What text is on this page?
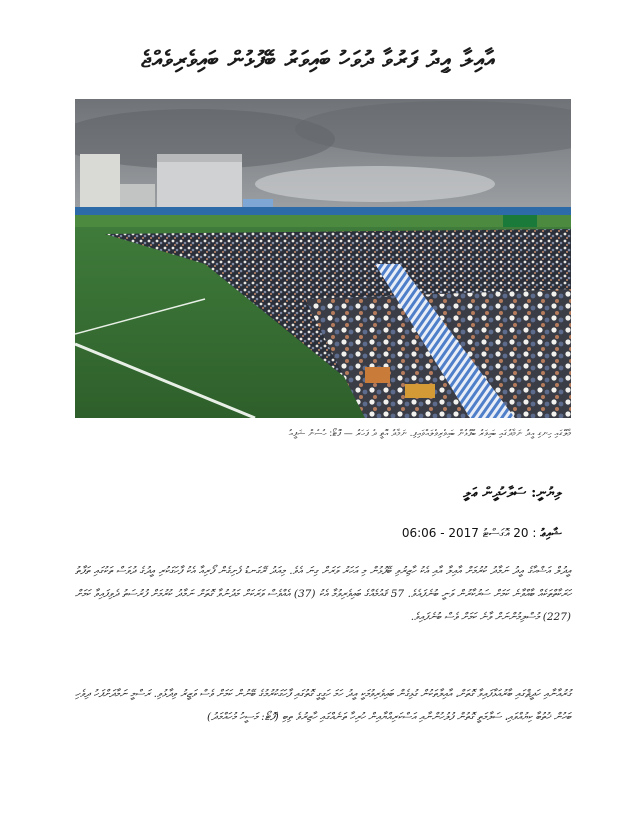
އާއިލާ އީދު ފަރުވާ ދުވަހު ބައިވަރު ބޭފުޅުން ބައިވެރިވެއްޖެ
މާލޭގައި ހިނގި އީދު ނަމާދުގައި ބައިވަރު ބޭފުޅުން ބައިވެރިވެލައްވައިފި. ނަމާދު އޮތީ ދެ ފަހަރު — ފޮޓޯ: ހުސެން ޝަފީއު
ލިޔުނީ: ސަލާހުދީން ޢަލީ
ޝާއިޢު : 20 އޮގަސްޓު 2017 - 06:06
އީދުލް އަޟްޙާގެ އީދު ނަމާދު ކުރުމަށް އާއިލާ އާއި އެކު ހާޒިރުވި ބޭފުޅުން މި އަހަރު ވަރަށް ގިނަ އެވެ. މިއަދު ރޭގަނޑު ފެށިގެން ފޯރިއާ އެކު ފާހަގަކުރި އީދުގެ ދުވަސް ތަކުގައި ތަފާތު ހަރަކާތްތަކެއް ބާއްވާނެ ކަމަށް ސަރުކާރުން ވަނީ ބުނެފައެވެ. 57 ޤައުމެއްގެ ބައިވެރިވުމާ އެކު (37) އެއްވެސް ވަރަކަށް މަދުނުވާ ގޮތަށް ނަމާދު ކުރުމަށް ފުރުސަތު ދެވިފައިވާ ކަމަށް (227) މުސްލިމުންނަށް ވާނެ ކަމަށް ވެސް ބުނެފައިވެ.
ގުރުއާނާއި ހަދީޘްގައި ބާރުއަޅާފައިވާ ގޮތަށް، އާއިލާތަކުން ގުޅިގެން ބައިވެރިވުމަކީ އީދު ހަމަ ހަގީގީ ގޮތުގައި ފާހަގަކުރުމުގެ ބޭނުން ކަމަށް ވެސް ވަޒީރު ވިދާޅުވި. ރަސްމީ ނަމާދަށްފަހު ދިވެހި ބަހުން ޚުތުބާ ކިޔުއްވައި، ސަލާމަތީ ގޮތުން ފުލުހުންނާއި އަސްކަރިއްޔާއިން ހުރިހާ ތަނެއްގައި ހާޒިރުވެ ތިބި (ފޮޓޯ: މަސީހު މުހައްމަދު)
